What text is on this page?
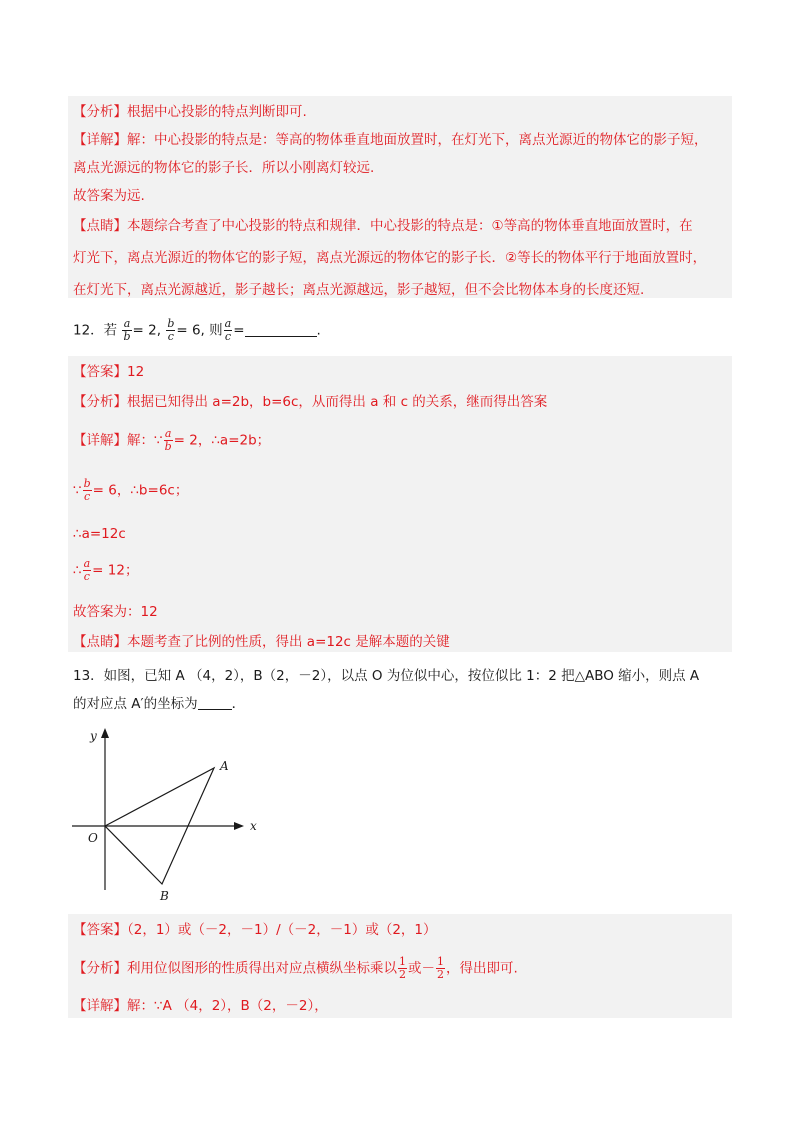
【分析】根据中心投影的特点判断即可.
【详解】解：中心投影的特点是：等高的物体垂直地面放置时，在灯光下，离点光源近的物体它的影子短，
离点光源远的物体它的影子长．所以小刚离灯较远.
故答案为远.
【点睛】本题综合考查了中心投影的特点和规律．中心投影的特点是：①等高的物体垂直地面放置时，在
灯光下，离点光源近的物体它的影子短，离点光源远的物体它的影子长．②等长的物体平行于地面放置时，
在灯光下，离点光源越近，影子越长；离点光源越远，影子越短，但不会比物体本身的长度还短.
12．若 $\frac{a}{b} = 2$, $\frac{b}{c} = 6$, 则 $\frac{a}{c}$ =	.
【答案】12
【分析】根据已知得出 a=2b，b=6c，从而得出 a 和 c 的关系，继而得出答案
【详解】解：∵ $\frac{a}{b} = 2$，∴a=2b；
∵ $\frac{b}{c} = 6$，∴b=6c；
∴a=12c
∴ $\frac{a}{c} = 12$；
故答案为：12
【点睛】本题考查了比例的性质，得出 a=12c 是解本题的关键
13．如图，已知 A （4，2），B（2，－2），以点 O 为位似中心，按位似比 1：2 把△ABO 缩小，则点 A
的对应点 A′的坐标为	．
y
x
O
A
B
【答案】（2，1）或（－2，－1）/（－2，－1）或（2，1）
【分析】利用位似图形的性质得出对应点横纵坐标乘以 $\frac{1}{2}$ 或－ $\frac{1}{2}$ ，得出即可.
【详解】解：∵A （4，2），B（2，－2），
